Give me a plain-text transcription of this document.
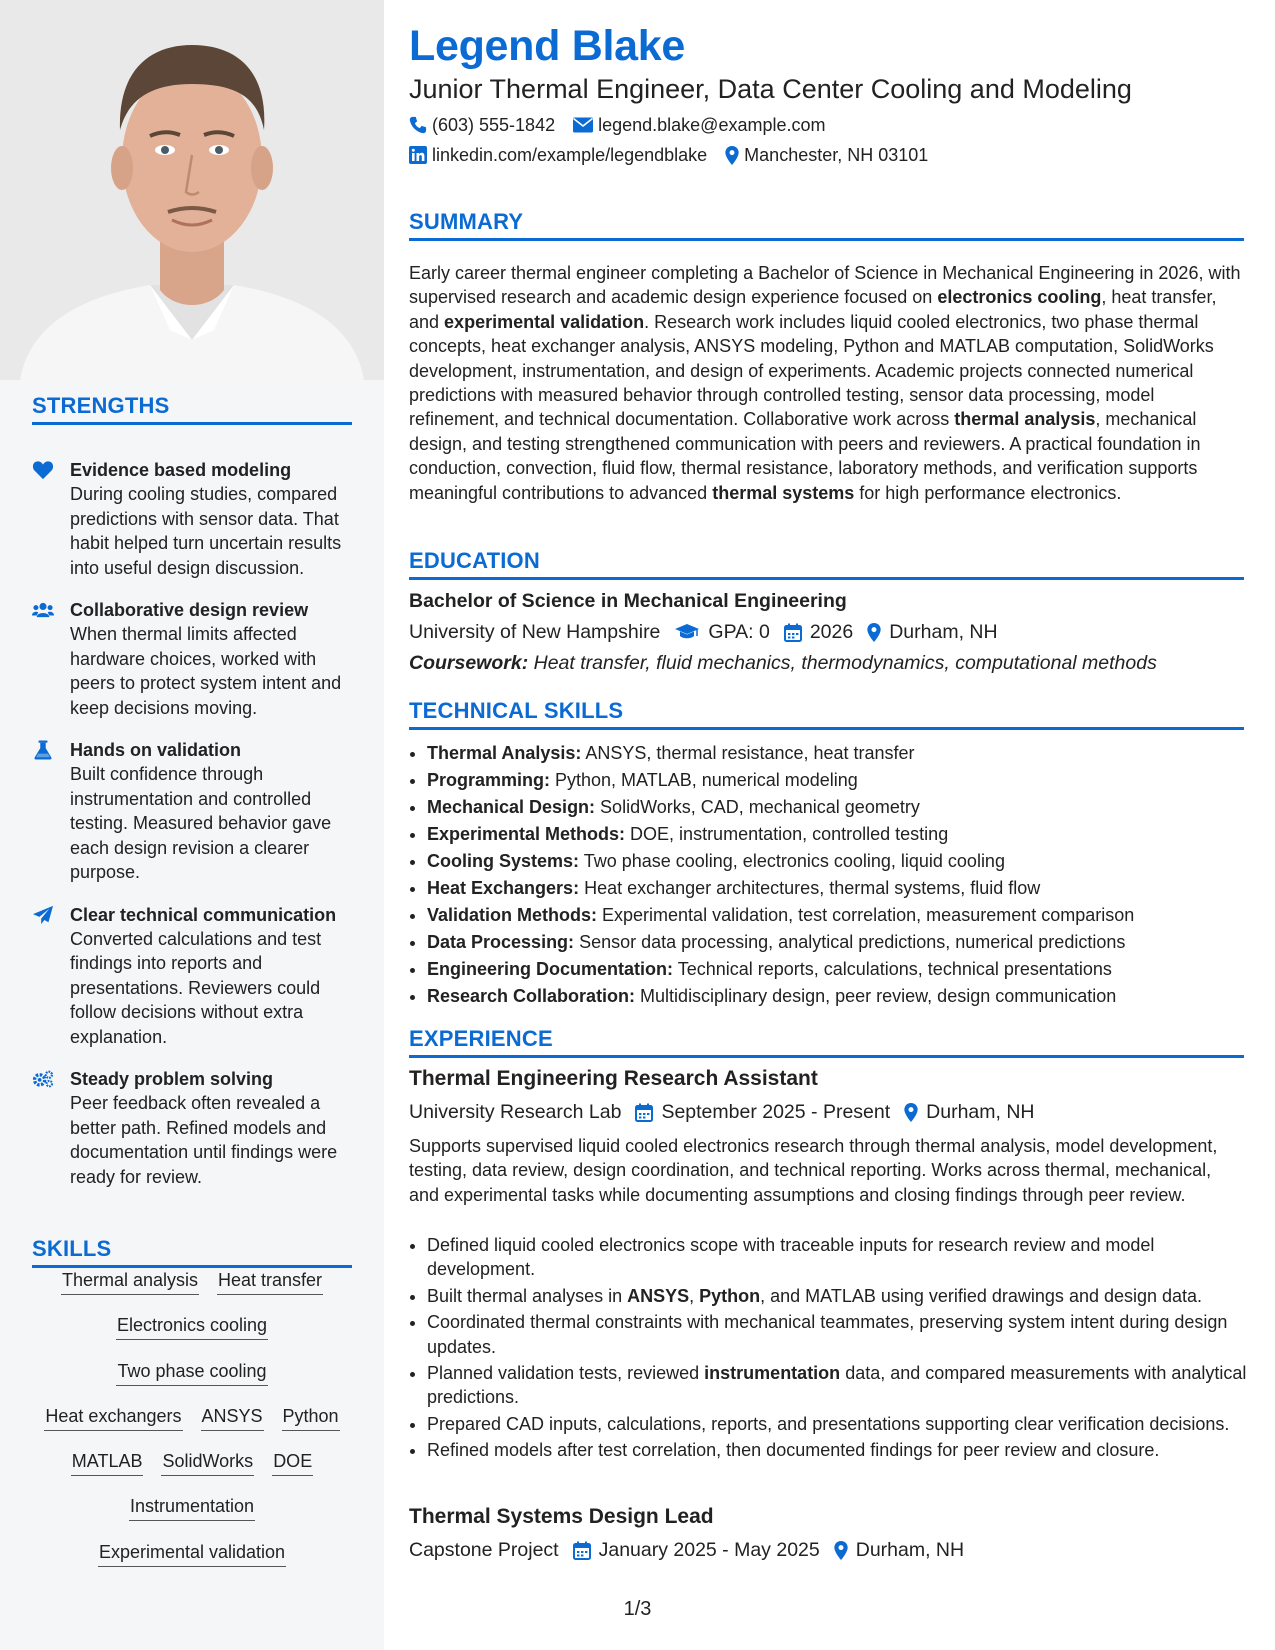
STRENGTHS
Evidence based modeling
During cooling studies, compared predictions with sensor data. That habit helped turn uncertain results into useful design discussion.
Collaborative design review
When thermal limits affected hardware choices, worked with peers to protect system intent and keep decisions moving.
Hands on validation
Built confidence through instrumentation and controlled testing. Measured behavior gave each design revision a clearer purpose.
Clear technical communication
Converted calculations and test findings into reports and presentations. Reviewers could follow decisions without extra explanation.
Steady problem solving
Peer feedback often revealed a better path. Refined models and documentation until findings were ready for review.
SKILLS
Thermal analysis Heat transfer
Electronics cooling
Two phase cooling
Heat exchangers ANSYS Python
MATLAB SolidWorks DOE
Instrumentation
Experimental validation
Legend Blake
Junior Thermal Engineer, Data Center Cooling and Modeling
(603) 555-1842 legend.blake@example.com
linkedin.com/example/legendblake Manchester, NH 03101
SUMMARY
Early career thermal engineer completing a Bachelor of Science in Mechanical Engineering in 2026, with supervised research and academic design experience focused on electronics cooling, heat transfer, and experimental validation. Research work includes liquid cooled electronics, two phase thermal concepts, heat exchanger analysis, ANSYS modeling, Python and MATLAB computation, SolidWorks development, instrumentation, and design of experiments. Academic projects connected numerical predictions with measured behavior through controlled testing, sensor data processing, model refinement, and technical documentation. Collaborative work across thermal analysis, mechanical design, and testing strengthened communication with peers and reviewers. A practical foundation in conduction, convection, fluid flow, thermal resistance, laboratory methods, and verification supports meaningful contributions to advanced thermal systems for high performance electronics.
EDUCATION
Bachelor of Science in Mechanical Engineering
University of New Hampshire GPA: 0 2026 Durham, NH
Coursework: Heat transfer, fluid mechanics, thermodynamics, computational methods
TECHNICAL SKILLS
• Thermal Analysis: ANSYS, thermal resistance, heat transfer
• Programming: Python, MATLAB, numerical modeling
• Mechanical Design: SolidWorks, CAD, mechanical geometry
• Experimental Methods: DOE, instrumentation, controlled testing
• Cooling Systems: Two phase cooling, electronics cooling, liquid cooling
• Heat Exchangers: Heat exchanger architectures, thermal systems, fluid flow
• Validation Methods: Experimental validation, test correlation, measurement comparison
• Data Processing: Sensor data processing, analytical predictions, numerical predictions
• Engineering Documentation: Technical reports, calculations, technical presentations
• Research Collaboration: Multidisciplinary design, peer review, design communication
EXPERIENCE
Thermal Engineering Research Assistant
University Research Lab September 2025 - Present Durham, NH
Supports supervised liquid cooled electronics research through thermal analysis, model development, testing, data review, design coordination, and technical reporting. Works across thermal, mechanical, and experimental tasks while documenting assumptions and closing findings through peer review.
• Defined liquid cooled electronics scope with traceable inputs for research review and model development.
• Built thermal analyses in ANSYS, Python, and MATLAB using verified drawings and design data.
• Coordinated thermal constraints with mechanical teammates, preserving system intent during design updates.
• Planned validation tests, reviewed instrumentation data, and compared measurements with analytical predictions.
• Prepared CAD inputs, calculations, reports, and presentations supporting clear verification decisions.
• Refined models after test correlation, then documented findings for peer review and closure.
Thermal Systems Design Lead
Capstone Project January 2025 - May 2025 Durham, NH
1/3
